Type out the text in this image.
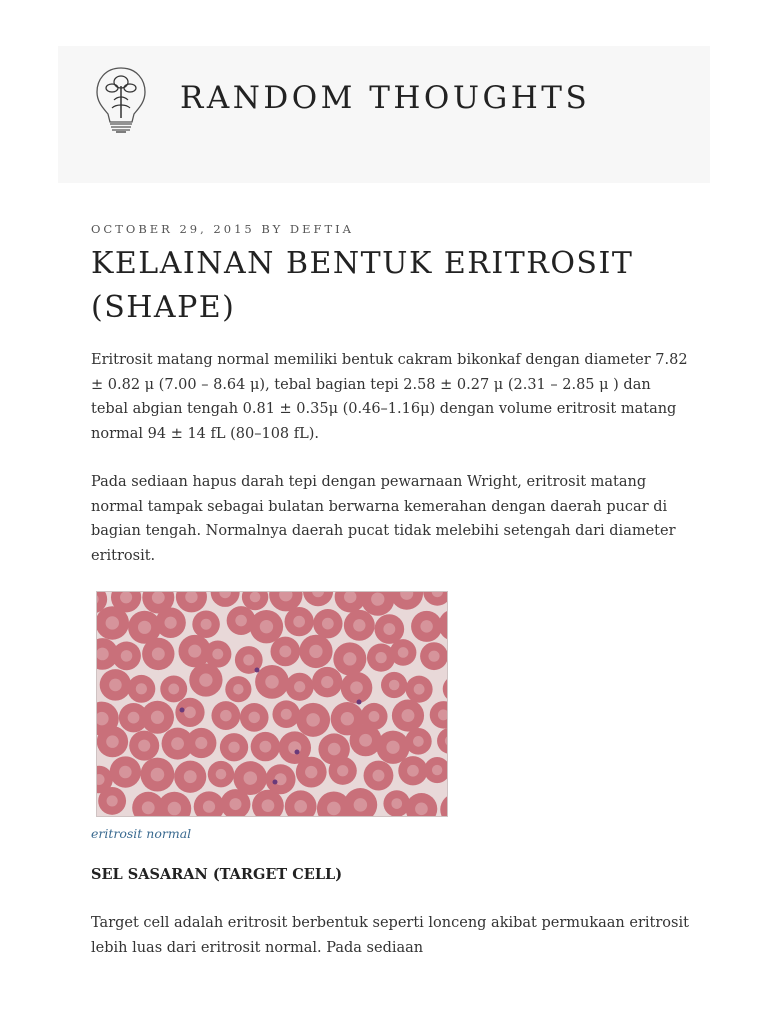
RANDOM THOUGHTS
OCTOBER 29, 2015 BY DEFTIA
KELAINAN BENTUK ERITROSIT (SHAPE)

Eritrosit matang normal memiliki bentuk cakram bikonkaf dengan diameter 7.82 ± 0.82 μ (7.00 – 8.64 μ), tebal bagian tepi 2.58 ± 0.27 μ (2.31 – 2.85 μ ) dan tebal abgian tengah 0.81 ± 0.35μ (0.46–1.16μ) dengan volume eritrosit matang normal 94 ± 14 fL (80–108 fL).

Pada sediaan hapus darah tepi dengan pewarnaan Wright, eritrosit matang normal tampak sebagai bulatan berwarna kemerahan dengan daerah pucar di bagian tengah. Normalnya daerah pucat tidak melebihi setengah dari diameter eritrosit.

eritrosit normal
SEL SASARAN (TARGET CELL)

Target cell adalah eritrosit berbentuk seperti lonceng akibat permukaan eritrosit lebih luas dari eritrosit normal. Pada sediaan
